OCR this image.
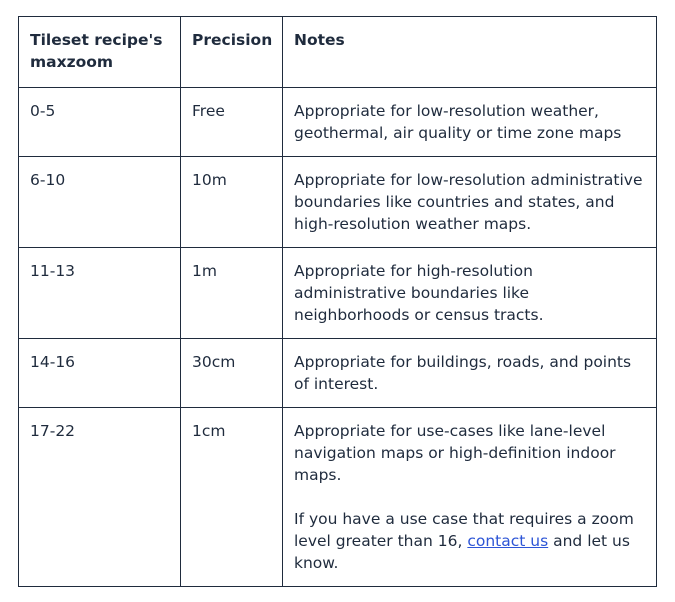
Tileset recipe's maxzoom	Precision	Notes
0-5	Free	Appropriate for low-resolution weather, geothermal, air quality or time zone maps
6-10	10m	Appropriate for low-resolution administrative boundaries like countries and states, and high-resolution weather maps.
11-13	1m	Appropriate for high-resolution administrative boundaries like neighborhoods or census tracts.
14-16	30cm	Appropriate for buildings, roads, and points of interest.
17-22	1cm	Appropriate for use-cases like lane-level navigation maps or high-definition indoor maps.

If you have a use case that requires a zoom level greater than 16, contact us and let us know.
